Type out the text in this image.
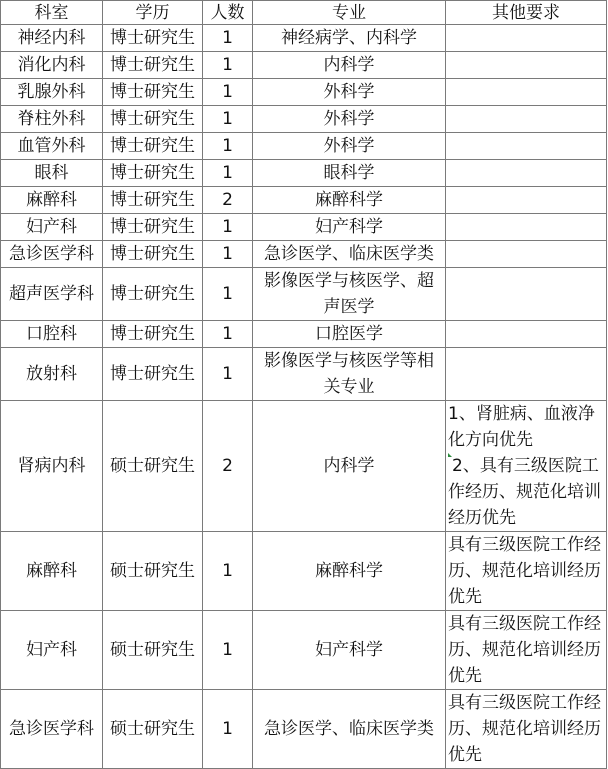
科室	学历	人数	专业	其他要求
神经内科	博士研究生	1	神经病学、内科学	
消化内科	博士研究生	1	内科学	
乳腺外科	博士研究生	1	外科学	
脊柱外科	博士研究生	1	外科学	
血管外科	博士研究生	1	外科学	
眼科	博士研究生	1	眼科学	
麻醉科	博士研究生	2	麻醉科学	
妇产科	博士研究生	1	妇产科学	
急诊医学科	博士研究生	1	急诊医学、临床医学类	
超声医学科	博士研究生	1	影像医学与核医学、超声医学	
口腔科	博士研究生	1	口腔医学	
放射科	博士研究生	1	影像医学与核医学等相关专业	
肾病内科	硕士研究生	2	内科学	1、肾脏病、血液净化方向优先
2、具有三级医院工作经历、规范化培训经历优先
麻醉科	硕士研究生	1	麻醉科学	具有三级医院工作经历、规范化培训经历优先

妇产科	硕士研究生	1	妇产科学	具有三级医院工作经历、规范化培训经历优先

急诊医学科	硕士研究生	1	急诊医学、临床医学类	具有三级医院工作经历、规范化培训经历优先
